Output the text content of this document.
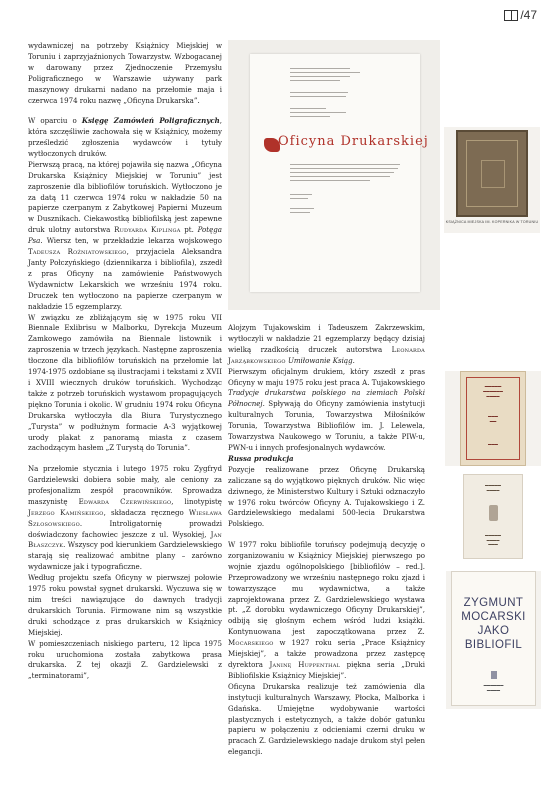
/47

wydawniczej na potrzeby Książnicy Miejskiej w Toruniu i zaprzyjaźnionych Towarzystw. Wzbogacanej w darowany przez Zjednoczenie Przemysłu Poligraficznego w Warszawie używany park maszynowy drukarni nadano na przełomie maja i czerwca 1974 roku nazwę „Oficyna Drukarska”.

W oparciu o Księgę Zamówień Poligraficznych, która szczęśliwie zachowała się w Książnicy, możemy prześledzić zgłoszenia wydawców i tytuły wytłoczonych druków.

Pierwszą pracą, na której pojawiła się nazwa „Oficyna Drukarska Książnicy Miejskiej w Toruniu” jest zaproszenie dla bibliofilów toruńskich. Wytłoczono je za datą 11 czerwca 1974 roku w nakładzie 50 na papierze czerpanym z Zabytkowej Papierni Muzeum w Dusznikach. Ciekawostką bibliofilską jest zapewne druk ulotny autorstwa Rudyarda Kiplinga pt. Potęga Psa. Wiersz ten, w przekładzie lekarza wojskowego Tadeusza Rożniatowskiego, przyjaciela Aleksandra Janty Połczyńskiego (dziennikarza i bibliofila), zszedł z pras Oficyny na zamówienie Państwowych Wydawnictw Lekarskich we wrześniu 1974 roku. Druczek ten wytłoczono na papierze czerpanym w nakładzie 15 egzemplarzy.

W związku ze zbliżającym się w 1975 roku VII Biennale Exlibrisu w Malborku, Dyrekcja Muzeum Zamkowego zamówiła na Biennale listownik i zaproszenia w trzech językach. Następne zaproszenia tłoczone dla bibliofilów toruńskich na przełomie lat 1974-1975 ozdobiane są ilustracjami i tekstami z XVII i XVIII wiecznych druków toruńskich. Wychodząc także z potrzeb toruńskich wystawom propagujących piękno Torunia i okolic. W grudniu 1974 roku Oficyna Drukarska wytłoczyła dla Biura Turystycznego „Turysta” w podłużnym formacie A-3 wyjątkowej urody plakat z panoramą miasta z czasem zachodzącym hasłem „Z Turystą do Torunia”.

Na przełomie stycznia i lutego 1975 roku Zygfryd Gardzielewski dobiera sobie mały, ale ceniony za profesjonalizm zespół pracowników. Sprowadza maszynistę Edwarda Czerwińskiego, linotypistę Jerzego Kamińskiego, składacza ręcznego Wiesława Szłosowskiego. Introligatornię prowadzi doświadczony fachowiec jeszcze z ul. Wysokiej, Jan Błaszczyk. Wszyscy pod kierunkiem Gardzielewskiego starają się realizować ambitne plany – zarówno wydawnicze jak i typograficzne.

Według projektu szefa Oficyny w pierwszej połowie 1975 roku powstał sygnet drukarski. Wyczuwa się w nim treści nawiązujące do dawnych tradycji drukarskich Torunia. Firmowane nim są wszystkie druki schodzące z pras drukarskich w Książnicy Miejskiej.

W pomieszczeniach niskiego parteru, 12 lipca 1975 roku uruchomiona została zabytkowa prasa drukarska. Z tej okazji Z. Gardzielewski z „terminatorami”,

Alojzym Tujakowskim i Tadeuszem Zakrzewskim, wytłoczyli w nakładzie 21 egzemplarzy będący dzisiaj wielką rzadkością druczek autorstwa Leonarda Jarząbkowskiego Umiłowanie Ksiąg.

Pierwszym oficjalnym drukiem, który zszedł z pras Oficyny w maju 1975 roku jest praca A. Tujakowskiego Tradycje drukarstwa polskiego na ziemiach Polski Północnej. Spływają do Oficyny zamówienia instytucji kulturalnych Torunia, Towarzystwa Miłośników Torunia, Towarzystwa Bibliofilów im. J. Lelewela, Towarzystwa Naukowego w Toruniu, a także PIW-u, PWN-u i innych profesjonalnych wydawców.

Russa produkcja

Pozycje realizowane przez Oficynę Drukarską zaliczane są do wyjątkowo pięknych druków. Nic więc dziwnego, że Ministerstwo Kultury i Sztuki odznaczyło w 1976 roku twórców Oficyny A. Tujakowskiego i Z. Gardzielewskiego medalami 500-lecia Drukarstwa Polskiego.

W 1977 roku bibliofile toruńscy podejmują decyzję o zorganizowaniu w Książnicy Miejskiej pierwszego po wojnie zjazdu ogólnopolskiego [bibliofilów – red.]. Przeprowadzony we wrześniu następnego roku zjazd i towarzyszące mu wydawnictwa, a także zaprojektowana przez Z. Gardzielewskiego wystawa pt. „Z dorobku wydawniczego Oficyny Drukarskiej”, odbiją się głośnym echem wśród ludzi książki. Kontynuowana jest zapoczątkowana przez Z. Mocarskiego w 1927 roku seria „Prace Książnicy Miejskiej”, a także prowadzona przez zastępcę dyrektora Janinę Huppenthal piękna seria „Druki Bibliofilskie Książnicy Miejskiej”.

Oficyna Drukarska realizuje też zamówienia dla instytucji kulturalnych Warszawy, Płocka, Malborka i Gdańska. Umiejętne wydobywanie wartości plastycznych i estetycznych, a także dobór gatunku papieru w połączeniu z odcieniami czerni druku w pracach Z. Gardzielewskiego nadaje drukom styl pełen elegancji.

Oficyna Drukarskiej
KSIĄŻNICA MIEJSKA IM. KOPERNIKA W TORUNIU
▬▬▬▬▬
▬▬▬▬▬▬
▬▬▬▬
▬▬▬
▬▬
▬▬▬
▬▬▬▬▬
▬▬▬▬
▬▬▬▬▬
▬▬▬▬
▬▬▬
ZYGMUNT MOCARSKI JAKO BIBLIOFIL
▬▬▬▬▬▬
▬▬▬▬
